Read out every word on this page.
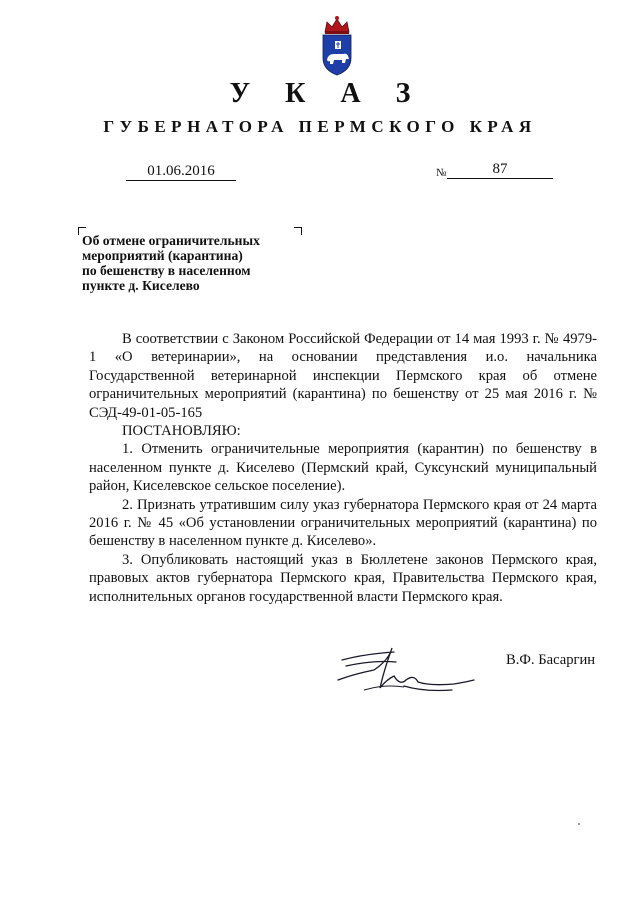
У К А З
ГУБЕРНАТОРА ПЕРМСКОГО КРАЯ
01.06.2016	№	87
Об отмене ограничительных
мероприятий (карантина)
по бешенству в населенном
пункте д. Киселево

В соответствии с Законом Российской Федерации от 14 мая 1993 г. № 4979-1 «О ветеринарии», на основании представления и.о. начальника Государственной ветеринарной инспекции Пермского края об отмене ограничительных мероприятий (карантина) по бешенству от 25 мая 2016 г. № СЭД-49-01-05-165

ПОСТАНОВЛЯЮ:

1. Отменить ограничительные мероприятия (карантин) по бешенству в населенном пункте д. Киселево (Пермский край, Суксунский муниципальный район, Киселевское сельское поселение).

2. Признать утратившим силу указ губернатора Пермского края от 24 марта 2016 г. № 45 «Об установлении ограничительных мероприятий (карантина) по бешенству в населенном пункте д. Киселево».

3. Опубликовать настоящий указ в Бюллетене законов Пермского края, правовых актов губернатора Пермского края, Правительства Пермского края, исполнительных органов государственной власти Пермского края.

В.Ф. Басаргин
